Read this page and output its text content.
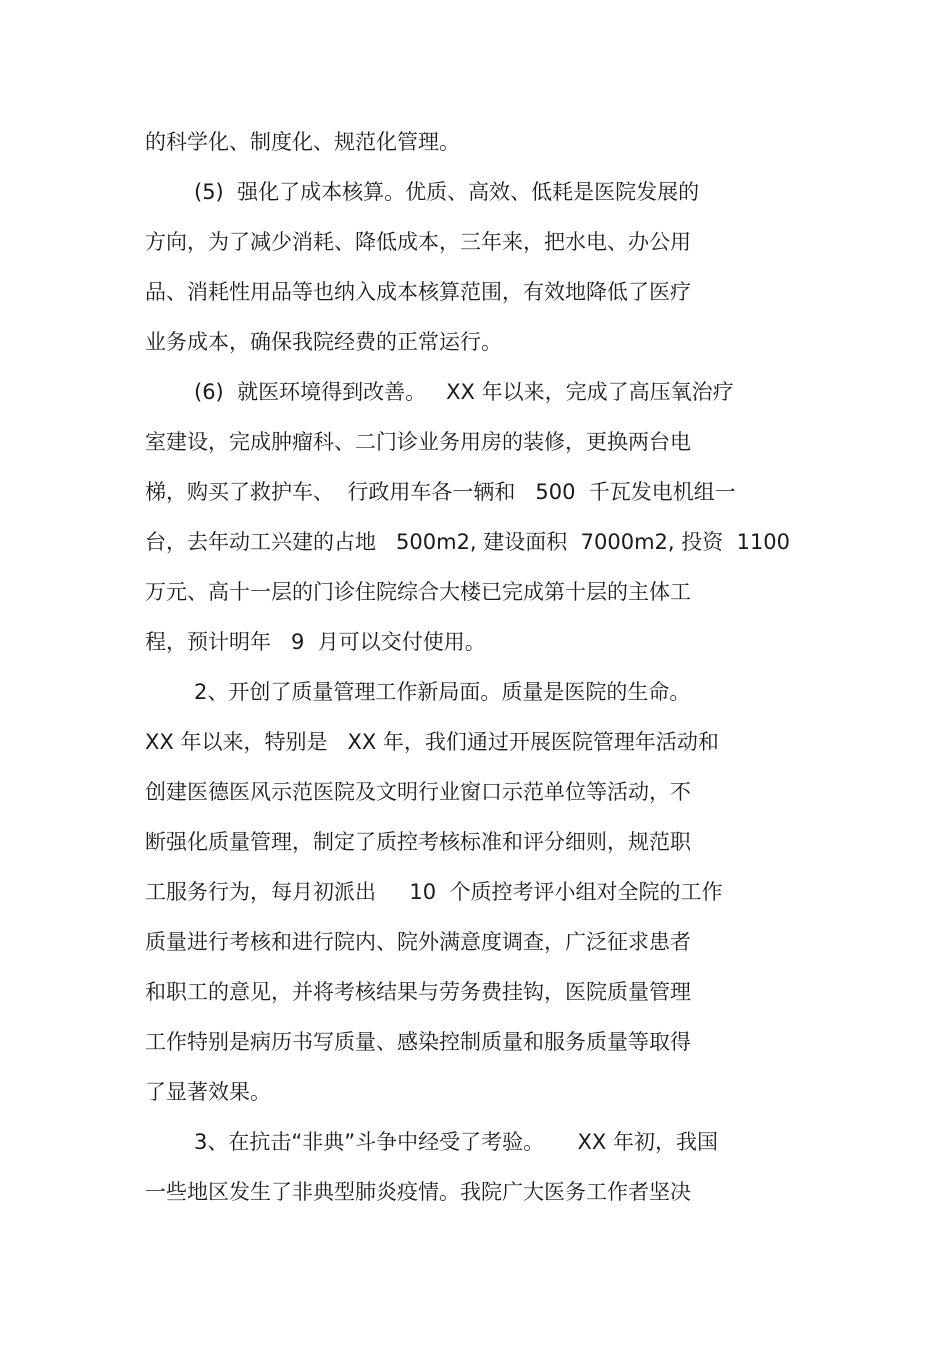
的科学化、制度化、规范化管理。
(5)  强化了成本核算。优质、高效、低耗是医院发展的
方向，为了减少消耗、降低成本，三年来，把水电、办公用
品、消耗性用品等也纳入成本核算范围，有效地降低了医疗
业务成本，确保我院经费的正常运行。
(6)  就医环境得到改善。   XX 年以来，完成了高压氧治疗
室建设，完成肿瘤科、二门诊业务用房的装修，更换两台电
梯，购买了救护车、  行政用车各一辆和   500  千瓦发电机组一
台，去年动工兴建的占地   500m2, 建设面积  7000m2, 投资  1100
万元、高十一层的门诊住院综合大楼已完成第十层的主体工
程，预计明年   9  月可以交付使用。
2、开创了质量管理工作新局面。质量是医院的生命。
XX 年以来，特别是   XX 年，我们通过开展医院管理年活动和
创建医德医风示范医院及文明行业窗口示范单位等活动，不
断强化质量管理，制定了质控考核标准和评分细则，规范职
工服务行为，每月初派出     10  个质控考评小组对全院的工作
质量进行考核和进行院内、院外满意度调查，广泛征求患者
和职工的意见，并将考核结果与劳务费挂钩，医院质量管理
工作特别是病历书写质量、感染控制质量和服务质量等取得
了显著效果。
3、在抗击“非典”斗争中经受了考验。     XX 年初，我国
一些地区发生了非典型肺炎疫情。我院广大医务工作者坚决
